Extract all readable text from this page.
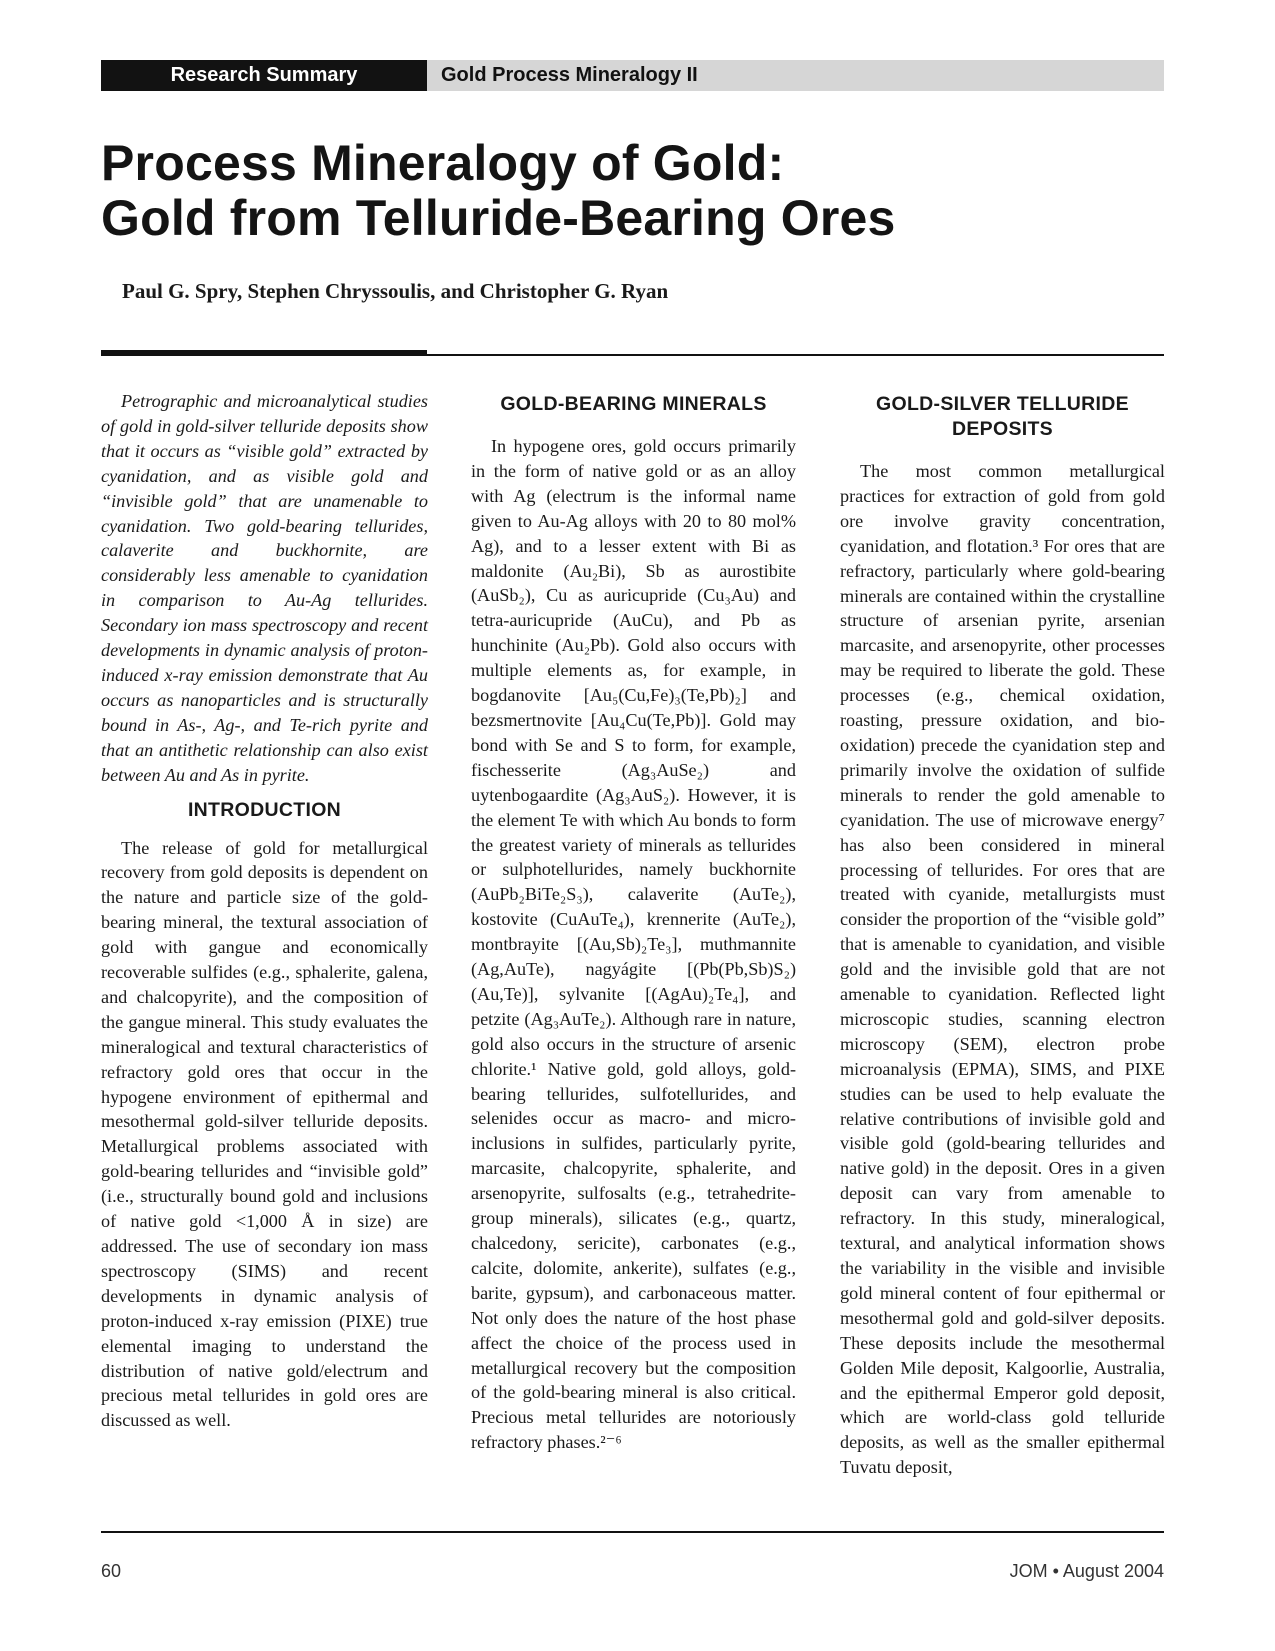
Research Summary	Gold Process Mineralogy II
Process Mineralogy of Gold:
Gold from Telluride-Bearing Ores
Paul G. Spry, Stephen Chryssoulis, and Christopher G. Ryan

Petrographic and microanalytical studies of gold in gold-silver telluride deposits show that it occurs as “visible gold” extracted by cyanidation, and as visible gold and “invisible gold” that are unamenable to cyanidation. Two gold-bearing tellurides, calaverite and buckhornite, are considerably less amenable to cyanidation in comparison to Au-Ag tellurides. Secondary ion mass spectroscopy and recent developments in dynamic analysis of proton-induced x-ray emission demonstrate that Au occurs as nanoparticles and is structurally bound in As-, Ag-, and Te-rich pyrite and that an antithetic relationship can also exist between Au and As in pyrite.

INTRODUCTION

The release of gold for metallurgical recovery from gold deposits is dependent on the nature and particle size of the gold-bearing mineral, the textural association of gold with gangue and economically recoverable sulfides (e.g., sphalerite, galena, and chalcopyrite), and the composition of the gangue mineral. This study evaluates the mineralogical and textural characteristics of refractory gold ores that occur in the hypogene environment of epithermal and mesothermal gold-silver telluride deposits. Metallurgical problems associated with gold-bearing tellurides and “invisible gold” (i.e., structurally bound gold and inclusions of native gold <1,000 Å in size) are addressed. The use of secondary ion mass spectroscopy (SIMS) and recent developments in dynamic analysis of proton-induced x-ray emission (PIXE) true elemental imaging to understand the distribution of native gold/electrum and precious metal tellurides in gold ores are discussed as well.

GOLD-BEARING MINERALS

In hypogene ores, gold occurs primarily in the form of native gold or as an alloy with Ag (electrum is the informal name given to Au-Ag alloys with 20 to 80 mol% Ag), and to a lesser extent with Bi as maldonite (Au₂Bi), Sb as aurostibite (AuSb₂), Cu as auricupride (Cu₃Au) and tetra-auricupride (AuCu), and Pb as hunchinite (Au₂Pb). Gold also occurs with multiple elements as, for example, in bogdanovite [Au₅(Cu,Fe)₃(Te,Pb)₂] and bezsmertnovite [Au₄Cu(Te,Pb)]. Gold may bond with Se and S to form, for example, fischesserite (Ag₃AuSe₂) and uytenbogaardite (Ag₃AuS₂). However, it is the element Te with which Au bonds to form the greatest variety of minerals as tellurides or sulphotellurides, namely buckhornite (AuPb₂BiTe₂S₃), calaverite (AuTe₂), kostovite (CuAuTe₄), krennerite (AuTe₂), montbrayite [(Au,Sb)₂Te₃], muthmannite (Ag,AuTe), nagyágite [(Pb(Pb,Sb)S₂)(Au,Te)], sylvanite [(AgAu)₂Te₄], and petzite (Ag₃AuTe₂). Although rare in nature, gold also occurs in the structure of arsenic chlorite.¹ Native gold, gold alloys, gold-bearing tellurides, sulfotellurides, and selenides occur as macro- and micro-inclusions in sulfides, particularly pyrite, marcasite, chalcopyrite, sphalerite, and arsenopyrite, sulfosalts (e.g., tetrahedrite-group minerals), silicates (e.g., quartz, chalcedony, sericite), carbonates (e.g., calcite, dolomite, ankerite), sulfates (e.g., barite, gypsum), and carbonaceous matter. Not only does the nature of the host phase affect the choice of the process used in metallurgical recovery but the composition of the gold-bearing mineral is also critical. Precious metal tellurides are notoriously refractory phases.²⁻⁶

GOLD-SILVER TELLURIDE DEPOSITS

The most common metallurgical practices for extraction of gold from gold ore involve gravity concentration, cyanidation, and flotation.³ For ores that are refractory, particularly where gold-bearing minerals are contained within the crystalline structure of arsenian pyrite, arsenian marcasite, and arsenopyrite, other processes may be required to liberate the gold. These processes (e.g., chemical oxidation, roasting, pressure oxidation, and bio-oxidation) precede the cyanidation step and primarily involve the oxidation of sulfide minerals to render the gold amenable to cyanidation. The use of microwave energy⁷ has also been considered in mineral processing of tellurides. For ores that are treated with cyanide, metallurgists must consider the proportion of the “visible gold” that is amenable to cyanidation, and visible gold and the invisible gold that are not amenable to cyanidation. Reflected light microscopic studies, scanning electron microscopy (SEM), electron probe microanalysis (EPMA), SIMS, and PIXE studies can be used to help evaluate the relative contributions of invisible gold and visible gold (gold-bearing tellurides and native gold) in the deposit. Ores in a given deposit can vary from amenable to refractory. In this study, mineralogical, textural, and analytical information shows the variability in the visible and invisible gold mineral content of four epithermal or mesothermal gold and gold-silver deposits. These deposits include the mesothermal Golden Mile deposit, Kalgoorlie, Australia, and the epithermal Emperor gold deposit, which are world-class gold telluride deposits, as well as the smaller epithermal Tuvatu deposit,

60	JOM • August 2004
